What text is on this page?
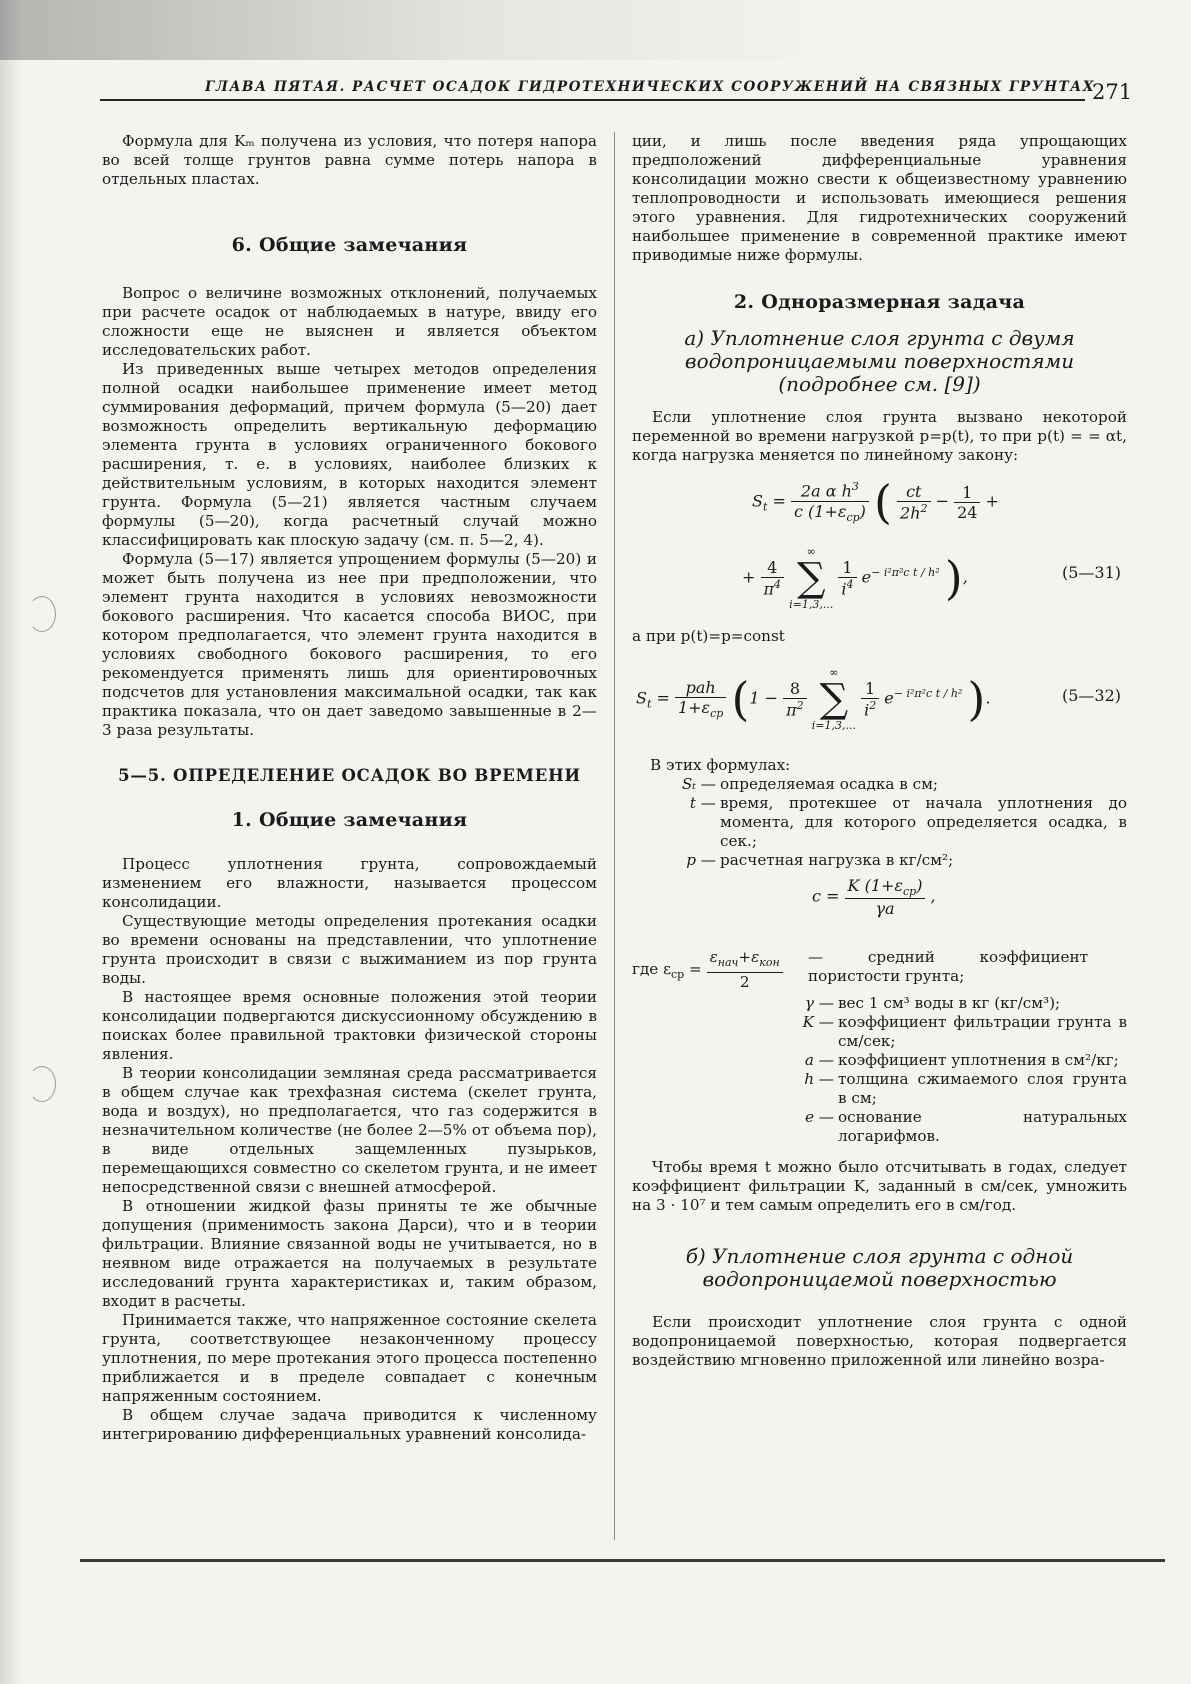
ГЛАВА ПЯТАЯ. РАСЧЕТ ОСАДОК ГИДРОТЕХНИЧЕСКИХ СООРУЖЕНИЙ НА СВЯЗНЫХ ГРУНТАХ
271

Формула для Kₘ получена из условия, что потеря напора во всей толще грунтов равна сумме потерь напора в отдельных пластах.

6. Общие замечания

Вопрос о величине возможных отклонений, получаемых при расчете осадок от наблюдаемых в натуре, ввиду его сложности еще не выяснен и является объектом исследовательских работ.

Из приведенных выше четырех методов определения полной осадки наибольшее применение имеет метод суммирования деформаций, причем формула (5—20) дает возможность определить вертикальную деформацию элемента грунта в условиях ограниченного бокового расширения, т. е. в условиях, наиболее близких к действительным условиям, в которых находится элемент грунта. Формула (5—21) является частным случаем формулы (5—20), когда расчетный случай можно классифицировать как плоскую задачу (см. п. 5—2, 4).

Формула (5—17) является упрощением формулы (5—20) и может быть получена из нее при предположении, что элемент грунта находится в условиях невозможности бокового расширения. Что касается способа ВИОС, при котором предполагается, что элемент грунта находится в условиях свободного бокового расширения, то его рекомендуется применять лишь для ориентировочных подсчетов для установления максимальной осадки, так как практика показала, что он дает заведомо завышенные в 2—3 раза результаты.

5—5. ОПРЕДЕЛЕНИЕ ОСАДОК ВО ВРЕМЕНИ
1. Общие замечания

Процесс уплотнения грунта, сопровождаемый изменением его влажности, называется процессом консолидации.

Существующие методы определения протекания осадки во времени основаны на представлении, что уплотнение грунта происходит в связи с выжиманием из пор грунта воды.

В настоящее время основные положения этой теории консолидации подвергаются дискуссионному обсуждению в поисках более правильной трактовки физической стороны явления.

В теории консолидации земляная среда рассматривается в общем случае как трехфазная система (скелет грунта, вода и воздух), но предполагается, что газ содержится в незначительном количестве (не более 2—5% от объема пор), в виде отдельных защемленных пузырьков, перемещающихся совместно со скелетом грунта, и не имеет непосредственной связи с внешней атмосферой.

В отношении жидкой фазы приняты те же обычные допущения (применимость закона Дарси), что и в теории фильтрации. Влияние связанной воды не учитывается, но в неявном виде отражается на получаемых в результате исследований грунта характеристиках и, таким образом, входит в расчеты.

Принимается также, что напряженное состояние скелета грунта, соответствующее незаконченному процессу уплотнения, по мере протекания этого процесса постепенно приближается и в пределе совпадает с конечным напряженным состоянием.

В общем случае задача приводится к численному интегрированию дифференциальных уравнений консолида-

ции, и лишь после введения ряда упрощающих предположений дифференциальные уравнения консолидации можно свести к общеизвестному уравнению теплопроводности и использовать имеющиеся решения этого уравнения. Для гидротехнических сооружений наибольшее применение в современной практике имеют приводимые ниже формулы.

2. Одноразмерная задача
а) Уплотнение слоя грунта с двумя
водопроницаемыми поверхностями
(подробнее см. [9])

Если уплотнение слоя грунта вызвано некоторой переменной во времени нагрузкой p=p(t), то при p(t) = = αt, когда нагрузка меняется по линейному закону:

$S_t = \frac{2a \alpha h^3}{c (1+\varepsilon_{ср})}$ ( $\frac{ct}{2h^2} - \frac{1}{24}$ +
+ $\frac{4}{\pi^4}$

∞
∑
i=1,3,...

$\frac{1}{i^4} e^{- i^2\pi^2c t / h^2}$ ),	(5—31)

а при p(t)=p=const

$S_t = \frac{\text{pah}}{1+\varepsilon_{ср}} (1 - \frac{8}{\pi^2}$

∞
∑
i=1,3,...

$\frac{1}{i^2} e^{- i^2\pi^2c t / h^2}$ ).	(5—32)
В этих формулах:
Sₜ — определяемая осадка в см;
t — время, протекшее от начала уплотнения до момента, для которого определяется осадка, в сек.;
p — расчетная нагрузка в кг/см²;
$c = \frac{K (1+\varepsilon_{ср})}{\gamma a}$ ,
где $\varepsilon_{ср} = \frac{\varepsilon_{нач}+\varepsilon_{кон}}{2}$ — средний коэффициент пористости грунта;
γ — вес 1 см³ воды в кг (кг/см³);
K — коэффициент фильтрации грунта в см/сек;
a — коэффициент уплотнения в см²/кг;
h — толщина сжимаемого слоя грунта в см;
e — основание натуральных логарифмов.

Чтобы время t можно было отсчитывать в годах, следует коэффициент фильтрации K, заданный в см/сек, умножить на 3 · 10⁷ и тем самым определить его в см/год.

б) Уплотнение слоя грунта с одной
водопроницаемой поверхностью

Если происходит уплотнение слоя грунта с одной водопроницаемой поверхностью, которая подвергается воздействию мгновенно приложенной или линейно возра-
